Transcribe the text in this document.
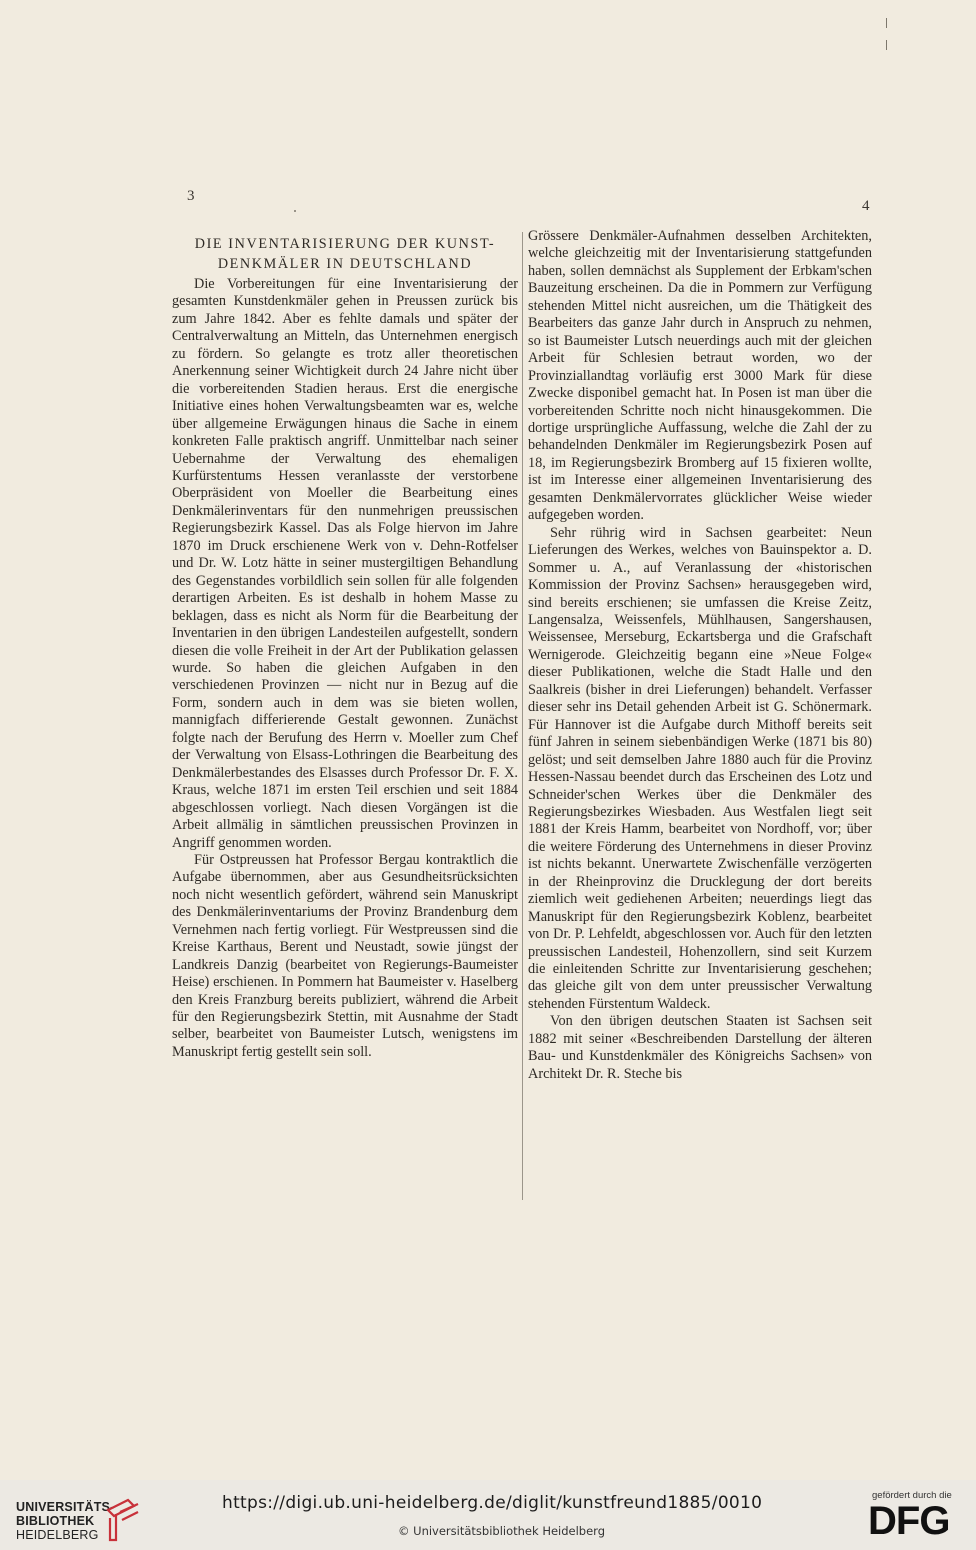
3
4
DIE INVENTARISIERUNG DER KUNST-
DENKMÄLER IN DEUTSCHLAND

Die Vorbereitungen für eine Inventarisierung der gesamten Kunstdenkmäler gehen in Preussen zurück bis zum Jahre 1842. Aber es fehlte damals und später der Centralverwaltung an Mitteln, das Unternehmen energisch zu fördern. So gelangte es trotz aller theoretischen Anerkennung seiner Wichtigkeit durch 24 Jahre nicht über die vorbereitenden Stadien heraus. Erst die energische Initiative eines hohen Verwaltungsbeamten war es, welche über allgemeine Erwägungen hinaus die Sache in einem konkreten Falle praktisch angriff. Unmittelbar nach seiner Uebernahme der Verwaltung des ehemaligen Kurfürstentums Hessen veranlasste der verstorbene Oberpräsident von Moeller die Bearbeitung eines Denkmälerinventars für den nunmehrigen preussischen Regierungsbezirk Kassel. Das als Folge hiervon im Jahre 1870 im Druck erschienene Werk von v. Dehn-Rotfelser und Dr. W. Lotz hätte in seiner mustergiltigen Behandlung des Gegenstandes vorbildlich sein sollen für alle folgenden derartigen Arbeiten. Es ist deshalb in hohem Masse zu beklagen, dass es nicht als Norm für die Bearbeitung der Inventarien in den übrigen Landesteilen aufgestellt, sondern diesen die volle Freiheit in der Art der Publikation gelassen wurde. So haben die gleichen Aufgaben in den verschiedenen Provinzen — nicht nur in Bezug auf die Form, sondern auch in dem was sie bieten wollen, mannigfach differierende Gestalt gewonnen. Zunächst folgte nach der Berufung des Herrn v. Moeller zum Chef der Verwaltung von Elsass-Lothringen die Bearbeitung des Denkmälerbestandes des Elsasses durch Professor Dr. F. X. Kraus, welche 1871 im ersten Teil erschien und seit 1884 abgeschlossen vorliegt. Nach diesen Vorgängen ist die Arbeit allmälig in sämtlichen preussischen Provinzen in Angriff genommen worden.

Für Ostpreussen hat Professor Bergau kontraktlich die Aufgabe übernommen, aber aus Gesundheitsrücksichten noch nicht wesentlich gefördert, während sein Manuskript des Denkmälerinventariums der Provinz Brandenburg dem Vernehmen nach fertig vorliegt. Für Westpreussen sind die Kreise Karthaus, Berent und Neustadt, sowie jüngst der Landkreis Danzig (bearbeitet von Regierungs-Baumeister Heise) erschienen. In Pommern hat Baumeister v. Haselberg den Kreis Franzburg bereits publiziert, während die Arbeit für den Regierungsbezirk Stettin, mit Ausnahme der Stadt selber, bearbeitet von Baumeister Lutsch, wenigstens im Manuskript fertig gestellt sein soll.

Grössere Denkmäler-Aufnahmen desselben Architekten, welche gleichzeitig mit der Inventarisierung stattgefunden haben, sollen demnächst als Supplement der Erbkam'schen Bauzeitung erscheinen. Da die in Pommern zur Verfügung stehenden Mittel nicht ausreichen, um die Thätigkeit des Bearbeiters das ganze Jahr durch in Anspruch zu nehmen, so ist Baumeister Lutsch neuerdings auch mit der gleichen Arbeit für Schlesien betraut worden, wo der Provinziallandtag vorläufig erst 3000 Mark für diese Zwecke disponibel gemacht hat. In Posen ist man über die vorbereitenden Schritte noch nicht hinausgekommen. Die dortige ursprüngliche Auffassung, welche die Zahl der zu behandelnden Denkmäler im Regierungsbezirk Posen auf 18, im Regierungsbezirk Bromberg auf 15 fixieren wollte, ist im Interesse einer allgemeinen Inventarisierung des gesamten Denkmälervorrates glücklicher Weise wieder aufgegeben worden.

Sehr rührig wird in Sachsen gearbeitet: Neun Lieferungen des Werkes, welches von Bauinspektor a. D. Sommer u. A., auf Veranlassung der «historischen Kommission der Provinz Sachsen» herausgegeben wird, sind bereits erschienen; sie umfassen die Kreise Zeitz, Langensalza, Weissenfels, Mühlhausen, Sangershausen, Weissensee, Merseburg, Eckartsberga und die Grafschaft Wernigerode. Gleichzeitig begann eine »Neue Folge« dieser Publikationen, welche die Stadt Halle und den Saalkreis (bisher in drei Lieferungen) behandelt. Verfasser dieser sehr ins Detail gehenden Arbeit ist G. Schönermark. Für Hannover ist die Aufgabe durch Mithoff bereits seit fünf Jahren in seinem siebenbändigen Werke (1871 bis 80) gelöst; und seit demselben Jahre 1880 auch für die Provinz Hessen-Nassau beendet durch das Erscheinen des Lotz und Schneider'schen Werkes über die Denkmäler des Regierungsbezirkes Wiesbaden. Aus Westfalen liegt seit 1881 der Kreis Hamm, bearbeitet von Nordhoff, vor; über die weitere Förderung des Unternehmens in dieser Provinz ist nichts bekannt. Unerwartete Zwischenfälle verzögerten in der Rheinprovinz die Drucklegung der dort bereits ziemlich weit gediehenen Arbeiten; neuerdings liegt das Manuskript für den Regierungsbezirk Koblenz, bearbeitet von Dr. P. Lehfeldt, abgeschlossen vor. Auch für den letzten preussischen Landesteil, Hohenzollern, sind seit Kurzem die einleitenden Schritte zur Inventarisierung geschehen; das gleiche gilt von dem unter preussischer Verwaltung stehenden Fürstentum Waldeck.

Von den übrigen deutschen Staaten ist Sachsen seit 1882 mit seiner «Beschreibenden Darstellung der älteren Bau- und Kunstdenkmäler des Königreichs Sachsen» von Architekt Dr. R. Steche bis

UNIVERSITÄTS-
BIBLIOTHEK
HEIDELBERG
https://digi.ub.uni-heidelberg.de/diglit/kunstfreund1885/0010
© Universitätsbibliothek Heidelberg
gefördert durch die
DFG
